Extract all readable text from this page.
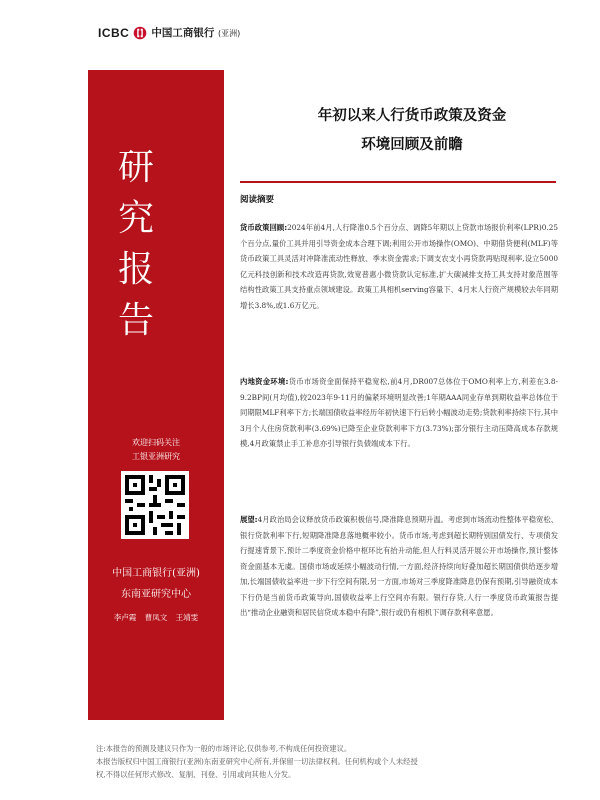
ICBC 中国工商银行 (亚洲)
研
究
报
告
欢迎扫码关注
工银亚洲研究
中国工商银行(亚洲)
东南亚研究中心
李卢霞 曹凤文 王靖雯
年初以来人行货币政策及资金
环境回顾及前瞻
阅读摘要

货币政策回顾:2024年前4月,人行降准0.5个百分点、调降5年期以上贷款市场报价利率(LPR)0.25个百分点,量价工具并用引导资金成本合理下调;利用公开市场操作(OMO)、中期借贷便利(MLF)等货币政策工具灵活对冲降准流动性释放、季末资金需求;下调支农支小再贷款再贴现利率,设立5000亿元科技创新和技术改造再贷款,效宽普惠小微贷款认定标准,扩大碳减排支持工具支持对象范围等结构性政策工具支持重点领域建设。政策工具相机serving容量下、4月末人行资产规模较去年同期增长3.8%,或1.6万亿元。

内地资金环境:货币市场资金面保持平稳宽松,前4月,DR007总体位于OMO利率上方,利差在3.8-9.2BP间(月均值),较2023年9-11月的偏紧环境明显改善;1年期AAA同业存单到期收益率总体位于同期限MLF利率下方;长端国债收益率经历年初快速下行后转小幅波动走势;贷款利率持续下行,其中3月个人住房贷款利率(3.69%)已降至企业贷款利率下方(3.73%);部分银行主动压降高成本存款规模,4月政策禁止手工补息亦引导银行负债端成本下行。

展望:4月政治局会议释放货币政策积极信号,降准降息预期升温。考虑到市场流动性整体平稳宽松、银行贷款利率下行,短期降准降息落地概率较小。货币市场,考虑到超长期特别国债发行、专项债发行提速背景下,预计二季度资金价格中枢环比有抬升动能,但人行料灵活开展公开市场操作,预计整体资金面基本无虞。国债市场或延续小幅波动行情,一方面,经济持续向好叠加超长期国债供给逐步增加,长端国债收益率进一步下行空间有限,另一方面,市场对三季度降准降息仍保有预期,引导融资成本下行仍是当前货币政策导向,国债收益率上行空间亦有限。银行存贷,人行一季度货币政策报告提出“推动企业融资和居民信贷成本稳中有降”,银行或仍有相机下调存款利率意愿。

注:本报告的预测及建议只作为一般的市场评论,仅供参考,不构成任何投资建议。
本报告版权归中国工商银行(亚洲)东南亚研究中心所有,并保留一切法律权利。任何机构或个人未经授
权,不得以任何形式修改、复制、刊登、引用或向其他人分发。
